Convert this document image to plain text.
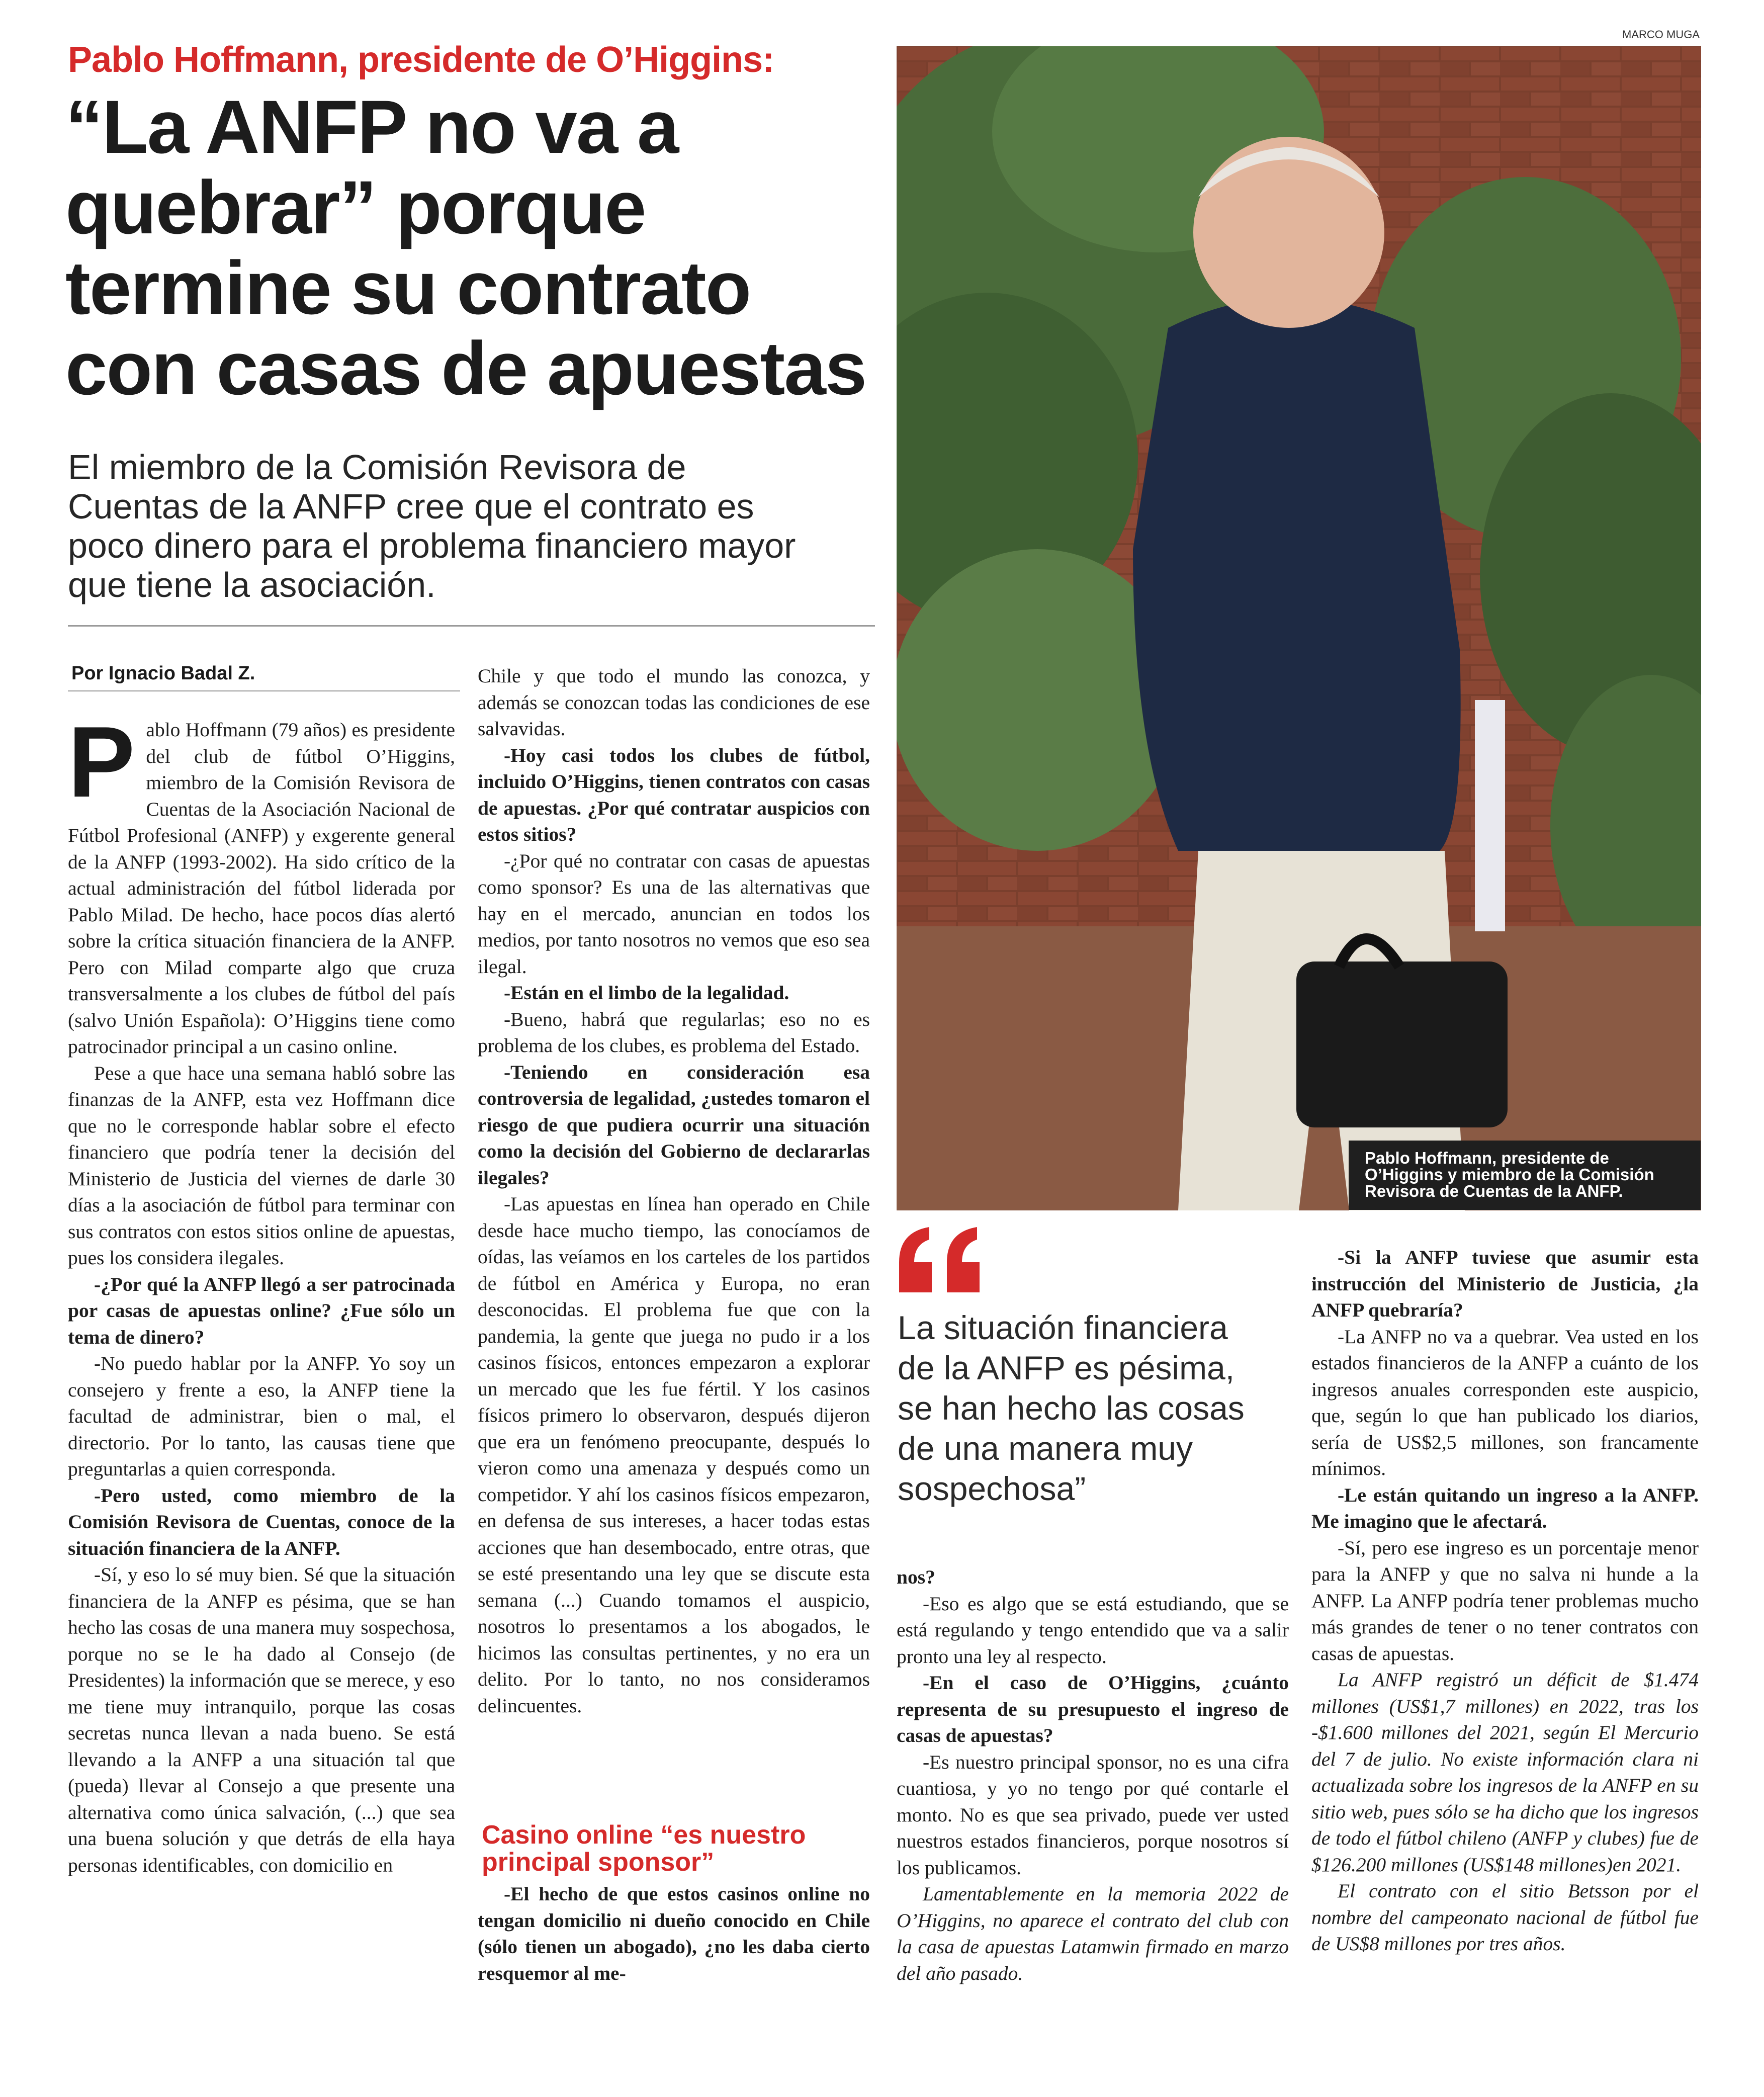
Pablo Hoffmann, presidente de O’Higgins:
“La ANFP no va a
quebrar” porque
termine su contrato
con casas de apuestas
El miembro de la Comisión Revisora de
Cuentas de la ANFP cree que el contrato es
poco dinero para el problema financiero mayor
que tiene la asociación.
Por Ignacio Badal Z.

Pablo Hoffmann (79 años) es presidente del club de fútbol O’Higgins, miembro de la Comisión Revisora de Cuentas de la Asociación Nacional de Fútbol Profesional (ANFP) y exgerente general de la ANFP (1993-2002). Ha sido crítico de la actual administración del fútbol liderada por Pablo Milad. De hecho, hace pocos días alertó sobre la crítica situación financiera de la ANFP. Pero con Milad comparte algo que cruza transversalmente a los clubes de fútbol del país (salvo Unión Española): O’Higgins tiene como patrocinador principal a un casino online.

Pese a que hace una semana habló sobre las finanzas de la ANFP, esta vez Hoffmann dice que no le corresponde hablar sobre el efecto financiero que podría tener la decisión del Ministerio de Justicia del viernes de darle 30 días a la asociación de fútbol para terminar con sus contratos con estos sitios online de apuestas, pues los considera ilegales.

-¿Por qué la ANFP llegó a ser patrocinada por casas de apuestas online? ¿Fue sólo un tema de dinero?

-No puedo hablar por la ANFP. Yo soy un consejero y frente a eso, la ANFP tiene la facultad de administrar, bien o mal, el directorio. Por lo tanto, las causas tiene que preguntarlas a quien corresponda.

-Pero usted, como miembro de la Comisión Revisora de Cuentas, conoce de la situación financiera de la ANFP.

-Sí, y eso lo sé muy bien. Sé que la situación financiera de la ANFP es pésima, que se han hecho las cosas de una manera muy sospechosa, porque no se le ha dado al Consejo (de Presidentes) la información que se merece, y eso me tiene muy intranquilo, porque las cosas secretas nunca llevan a nada bueno. Se está llevando a la ANFP a una situación tal que (pueda) llevar al Consejo a que presente una alternativa como única salvación, (...) que sea una buena solución y que detrás de ella haya personas identificables, con domicilio en

Chile y que todo el mundo las conozca, y además se conozcan todas las condiciones de ese salvavidas.

-Hoy casi todos los clubes de fútbol, incluido O’Higgins, tienen contratos con casas de apuestas. ¿Por qué contratar auspicios con estos sitios?

-¿Por qué no contratar con casas de apuestas como sponsor? Es una de las alternativas que hay en el mercado, anuncian en todos los medios, por tanto nosotros no vemos que eso sea ilegal.

-Están en el limbo de la legalidad.

-Bueno, habrá que regularlas; eso no es problema de los clubes, es problema del Estado.

-Teniendo en consideración esa controversia de legalidad, ¿ustedes tomaron el riesgo de que pudiera ocurrir una situación como la decisión del Gobierno de declararlas ilegales?

-Las apuestas en línea han operado en Chile desde hace mucho tiempo, las conocíamos de oídas, las veíamos en los carteles de los partidos de fútbol en América y Europa, no eran desconocidas. El problema fue que con la pandemia, la gente que juega no pudo ir a los casinos físicos, entonces empezaron a explorar un mercado que les fue fértil. Y los casinos físicos primero lo observaron, después dijeron que era un fenómeno preocupante, después lo vieron como una amenaza y después como un competidor. Y ahí los casinos físicos empezaron, en defensa de sus intereses, a hacer todas estas acciones que han desembocado, entre otras, que se esté presentando una ley que se discute esta semana (...) Cuando tomamos el auspicio, nosotros lo presentamos a los abogados, le hicimos las consultas pertinentes, y no era un delito. Por lo tanto, no nos consideramos delincuentes.

Casino online “es nuestro principal sponsor”

-El hecho de que estos casinos online no tengan domicilio ni dueño conocido en Chile (sólo tienen un abogado), ¿no les daba cierto resquemor al me-

MARCO MUGA
Pablo Hoffmann, presidente de O’Higgins y miembro de la Comisión Revisora de Cuentas de la ANFP.
La situación financiera
de la ANFP es pésima,
se han hecho las cosas
de una manera muy
sospechosa”

nos?

-Eso es algo que se está estudiando, que se está regulando y tengo entendido que va a salir pronto una ley al respecto.

-En el caso de O’Higgins, ¿cuánto representa de su presupuesto el ingreso de casas de apuestas?

-Es nuestro principal sponsor, no es una cifra cuantiosa, y yo no tengo por qué contarle el monto. No es que sea privado, puede ver usted nuestros estados financieros, porque nosotros sí los publicamos.

Lamentablemente en la memoria 2022 de O’Higgins, no aparece el contrato del club con la casa de apuestas Latamwin firmado en marzo del año pasado.

-Si la ANFP tuviese que asumir esta instrucción del Ministerio de Justicia, ¿la ANFP quebraría?

-La ANFP no va a quebrar. Vea usted en los estados financieros de la ANFP a cuánto de los ingresos anuales corresponden este auspicio, que, según lo que han publicado los diarios, sería de US$2,5 millones, son francamente mínimos.

-Le están quitando un ingreso a la ANFP. Me imagino que le afectará.

-Sí, pero ese ingreso es un porcentaje menor para la ANFP y que no salva ni hunde a la ANFP. La ANFP podría tener problemas mucho más grandes de tener o no tener contratos con casas de apuestas.

La ANFP registró un déficit de $1.474 millones (US$1,7 millones) en 2022, tras los -$1.600 millones del 2021, según El Mercurio del 7 de julio. No existe información clara ni actualizada sobre los ingresos de la ANFP en su sitio web, pues sólo se ha dicho que los ingresos de todo el fútbol chileno (ANFP y clubes) fue de $126.200 millones (US$148 millones)en 2021.

El contrato con el sitio Betsson por el nombre del campeonato nacional de fútbol fue de US$8 millones por tres años.
